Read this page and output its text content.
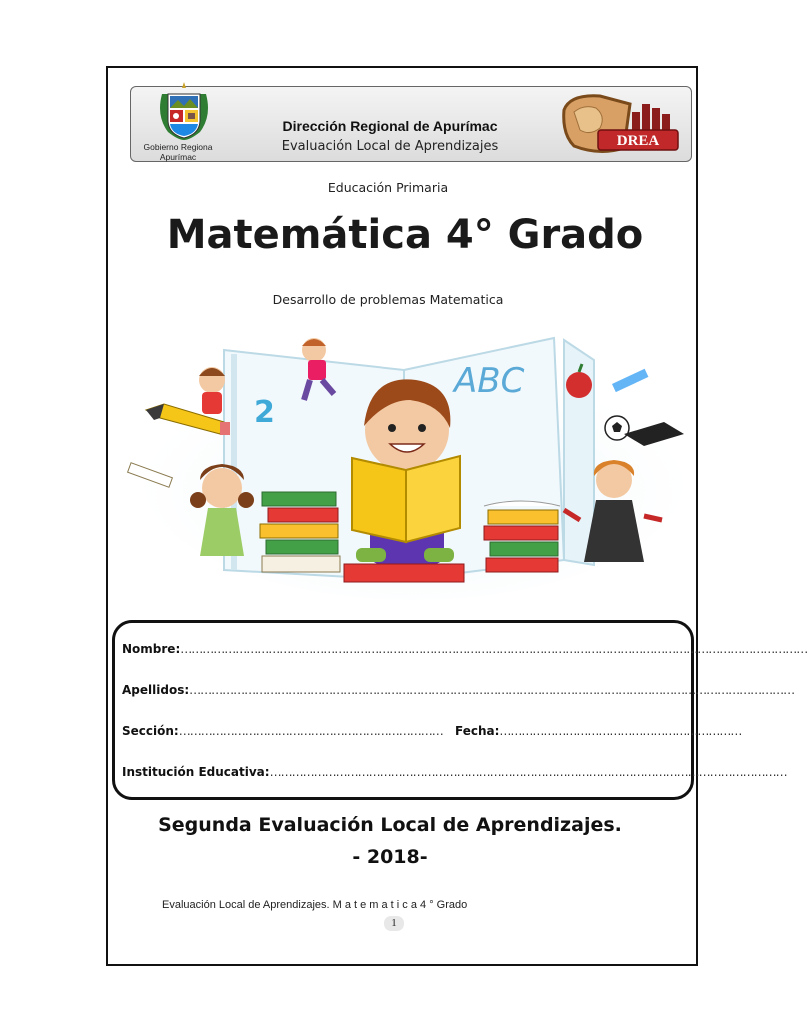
Gobierno Regiona
Apurímac
Dirección Regional de Apurímac
Evaluación Local de Aprendizajes	DREA
Educación Primaria
Matemática 4° Grado
Desarrollo de problemas Matematica
ABC
2
Nombre:………………………………………………………………………………………………………………………………………………………
Apellidos:…………………………………………………………………………………………………………………………………………………
Sección:……………………………………………………………… Fecha:…………………………………………………………
Institución Educativa:……………………………………………………………………………………………………………………………
Segunda Evaluación Local de Aprendizajes.
- 2018-
Evaluación Local de Aprendizajes. M a t e m a t i c a 4 ° Grado
1
